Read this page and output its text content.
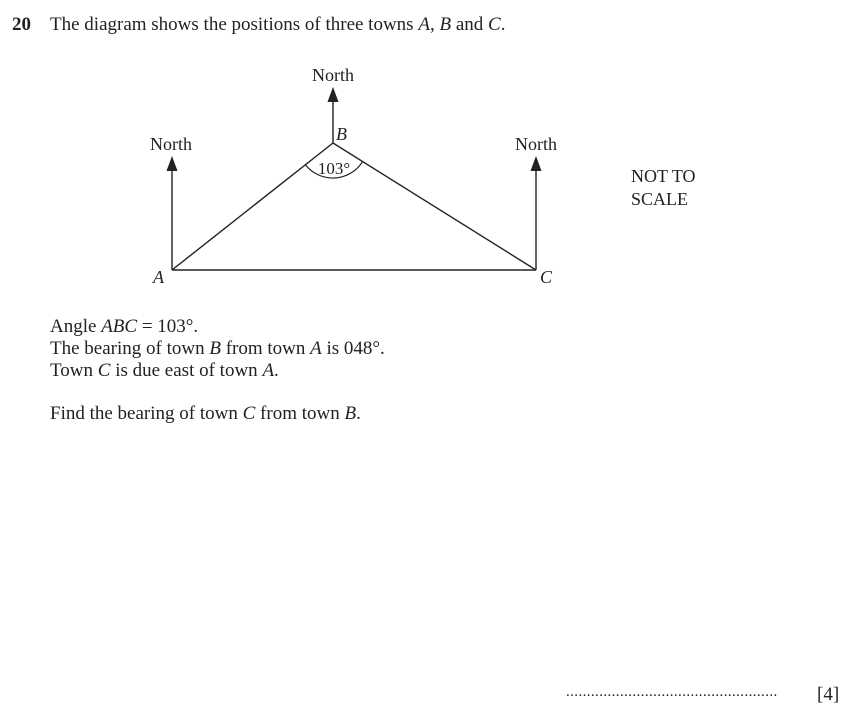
20 The diagram shows the positions of three towns A, B and C.
North
North	North
B
A	C
103°	NOT TO
SCALE

Angle ABC = 103°.

The bearing of town B from town A is 048°.

Town C is due east of town A.

Find the bearing of town C from town B.

................................................... [4]
